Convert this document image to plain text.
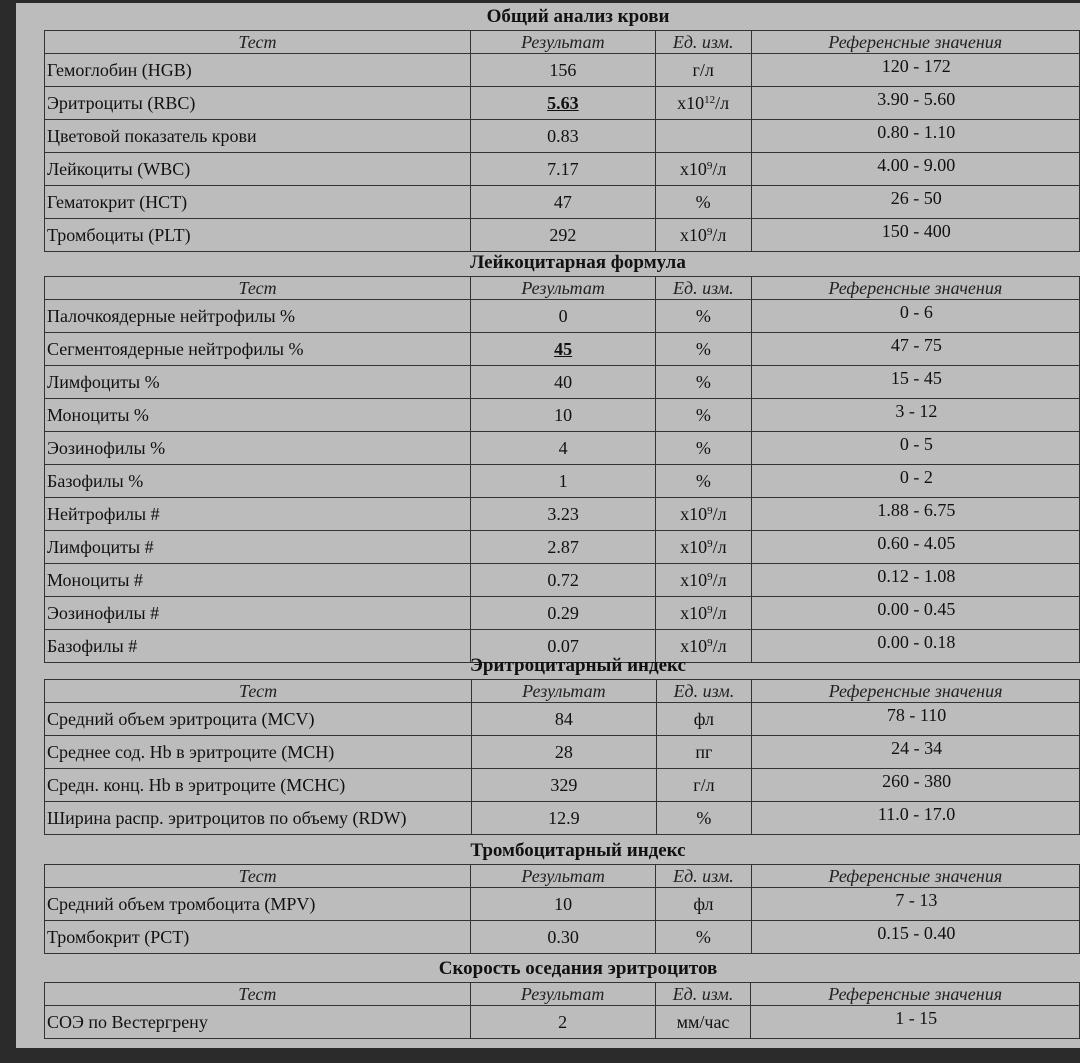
Общий анализ крови
Тест	Результат	Ед. изм.	Референсные значения
Гемоглобин (HGB)	156	г/л	120 - 172
Эритроциты (RBC)	5.63	$x10^{12}/л$	3.90 - 5.60
Цветовой показатель крови	0.83		0.80 - 1.10
Лейкоциты (WBC)	7.17	$x10^9/л$	4.00 - 9.00
Гематокрит (HCT)	47	%	26 - 50
Тромбоциты (PLT)	292	$x10^9/л$	150 - 400
Лейкоцитарная формула
Тест	Результат	Ед. изм.	Референсные значения
Палочкоядерные нейтрофилы %	0	%	0 - 6
Сегментоядерные нейтрофилы %	45	%	47 - 75
Лимфоциты %	40	%	15 - 45
Моноциты %	10	%	3 - 12
Эозинофилы %	4	%	0 - 5
Базофилы %	1	%	0 - 2
Нейтрофилы #	3.23	$x10^9/л$	1.88 - 6.75
Лимфоциты #	2.87	$x10^9/л$	0.60 - 4.05
Моноциты #	0.72	$x10^9/л$	0.12 - 1.08
Эозинофилы #	0.29	$x10^9/л$	0.00 - 0.45
Базофилы #	0.07	$x10^9/л$	0.00 - 0.18
Эритроцитарный индекс
Тест	Результат	Ед. изм.	Референсные значения
Средний объем эритроцита (MCV)	84	фл	78 - 110
Среднее сод. Hb в эритроците (MCH)	28	пг	24 - 34
Средн. конц. Hb в эритроците (MCHC)	329	г/л	260 - 380
Ширина распр. эритроцитов по объему (RDW)	12.9	%	11.0 - 17.0
Тромбоцитарный индекс
Тест	Результат	Ед. изм.	Референсные значения
Средний объем тромбоцита (MPV)	10	фл	7 - 13
Тромбокрит (PCT)	0.30	%	0.15 - 0.40
Скорость оседания эритроцитов
Тест	Результат	Ед. изм.	Референсные значения
СОЭ по Вестергрену	2	мм/час	1 - 15
